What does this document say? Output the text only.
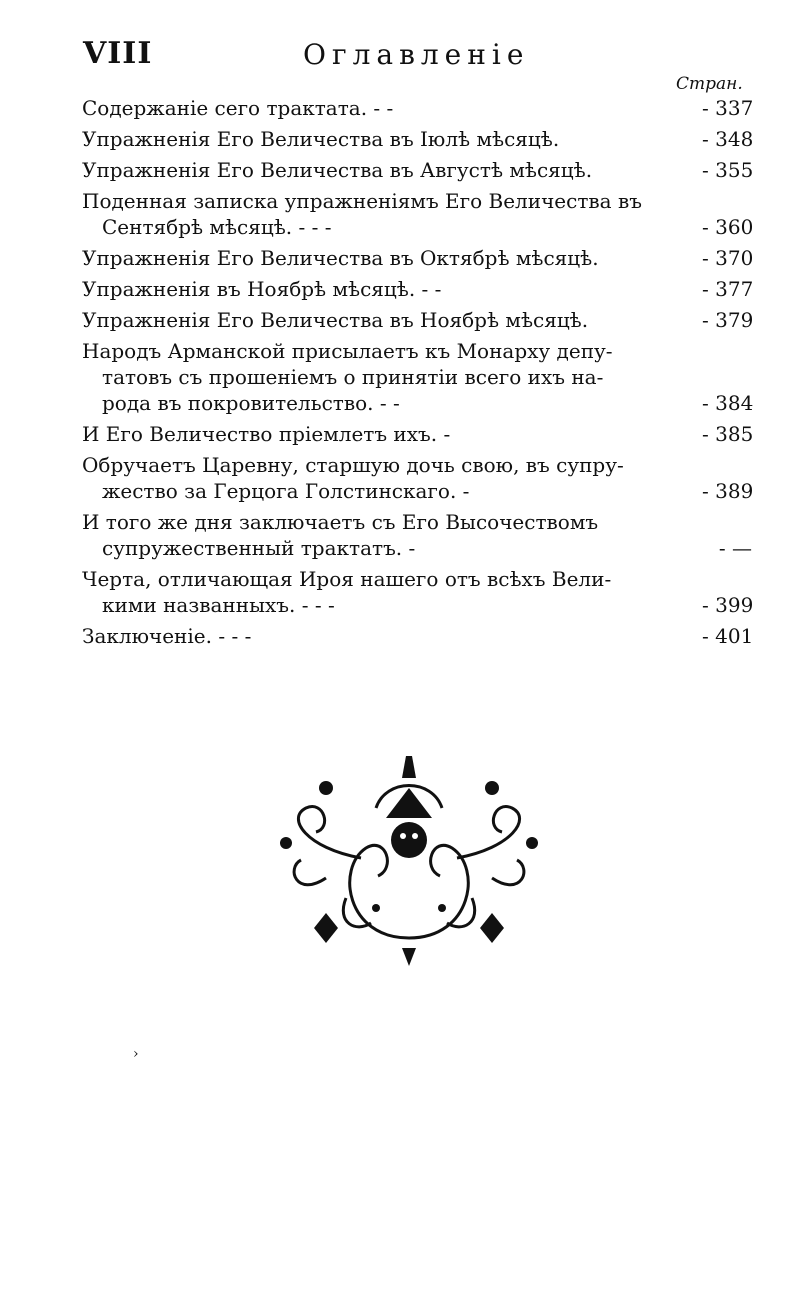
VIII	Оглавленie
Стран.
Содержанie сего трактата. - -	- 337
Упражненiя Его Величества въ Iюлѣ мѣсяцѣ.	- 348
Упражненiя Его Величества въ Августѣ мѣсяцѣ.	- 355
Поденная записка упражненiямъ Его Величества въ
Сентябрѣ мѣсяцѣ. - - -	- 360
Упражненiя Его Величества въ Октябрѣ мѣсяцѣ.	- 370
Упражненiя въ Ноябрѣ мѣсяцѣ. - -	- 377
Упражненiя Его Величества въ Ноябрѣ мѣсяцѣ.	- 379
Народъ Арманской присылаетъ къ Монарху депу-
татовъ съ прошенiемъ о принятiи всего ихъ на-
рода въ покровительство. - -	- 384
И Его Величество прiемлетъ ихъ. -	- 385
Обручаетъ Царевну, старшую дочь свою, въ супру-
жество за Герцога Голстинскаго. -	- 389
И того же дня заключаетъ съ Его Высочествомъ
супружественный трактатъ. -	- —
Черта, отличающая Ироя нашего отъ всѣхъ Вели-
кими названныхъ. - - -	- 399
Заключенie. - - -	- 401
›
